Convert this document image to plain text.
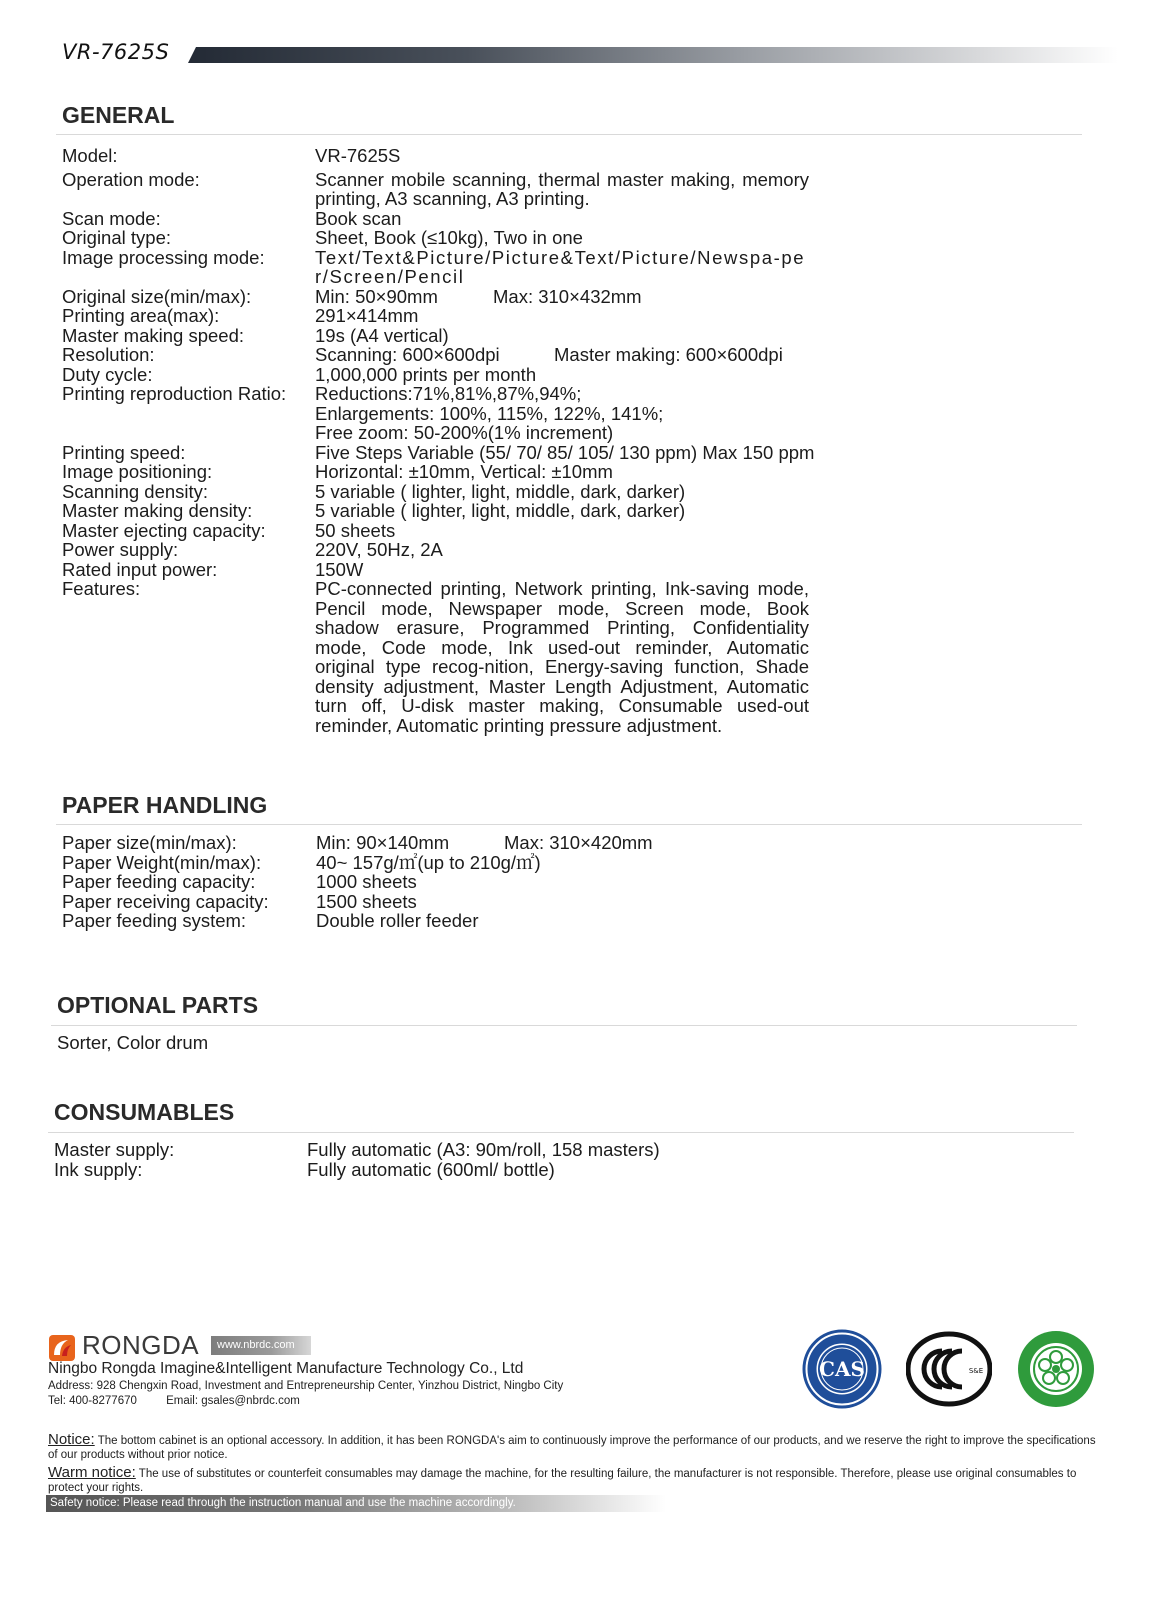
VR-7625S
GENERAL
Model:	VR-7625S
Operation mode:	Scanner mobile scanning, thermal master making, memory printing, A3 scanning, A3 printing.
Scan mode:	Book scan
Original type:	Sheet, Book (≤10kg), Two in one
Image processing mode:	Text/Text&Picture/Picture&Text/Picture/Newspa-per/Screen/Pencil
Original size(min/max):	Min: 50×90mm	Max: 310×432mm
Printing area(max):	291×414mm
Master making speed:	19s (A4 vertical)
Resolution:	Scanning: 600×600dpi	Master making: 600×600dpi
Duty cycle:	1,000,000 prints per month
Printing reproduction Ratio:	Reductions:71%,81%,87%,94%;
Enlargements: 100%, 115%, 122%, 141%;
Free zoom: 50-200%(1% increment)
Printing speed:	Five Steps Variable (55/ 70/ 85/ 105/ 130 ppm) Max 150 ppm
Image positioning:	Horizontal: ±10mm, Vertical: ±10mm
Scanning density:	5 variable ( lighter, light, middle, dark, darker)
Master making density:	5 variable ( lighter, light, middle, dark, darker)
Master ejecting capacity:	50 sheets
Power supply:	220V, 50Hz, 2A
Rated input power:	150W
Features:	PC-connected printing, Network printing, Ink-saving mode, Pencil mode, Newspaper mode, Screen mode, Book shadow erasure, Programmed Printing, Confidentiality mode, Code mode, Ink used-out reminder, Automatic original type recog-nition, Energy-saving function, Shade density adjustment, Master Length Adjustment, Automatic turn off, U-disk master making, Consumable used-out reminder, Automatic printing pressure adjustment.
PAPER HANDLING
Paper size(min/max):	Min: 90×140mm	Max: 310×420mm
Paper Weight(min/max):	40~ 157g/㎡(up to 210g/㎡)
Paper feeding capacity:	1000 sheets
Paper receiving capacity:	1500 sheets
Paper feeding system:	Double roller feeder
OPTIONAL PARTS
Sorter, Color drum
CONSUMABLES
Master supply:	Fully automatic (A3: 90m/roll, 158 masters)
Ink supply:	Fully automatic (600ml/ bottle)
RONGDA	www.nbrdc.com
Ningbo Rongda Imagine&Intelligent Manufacture Technology Co., Ltd
Address: 928 Chengxin Road, Investment and Entrepreneurship Center, Yinzhou District, Ningbo City
Tel: 400-8277670	Email: gsales@nbrdc.com
CAS	S&E
Notice: The bottom cabinet is an optional accessory. In addition, it has been RONGDA's aim to continuously improve the performance of our products, and we reserve the right to improve the specifications of our products without prior notice.
Warm notice: The use of substitutes or counterfeit consumables may damage the machine, for the resulting failure, the manufacturer is not responsible. Therefore, please use original consumables to protect your rights.
Safety notice: Please read through the instruction manual and use the machine accordingly.
